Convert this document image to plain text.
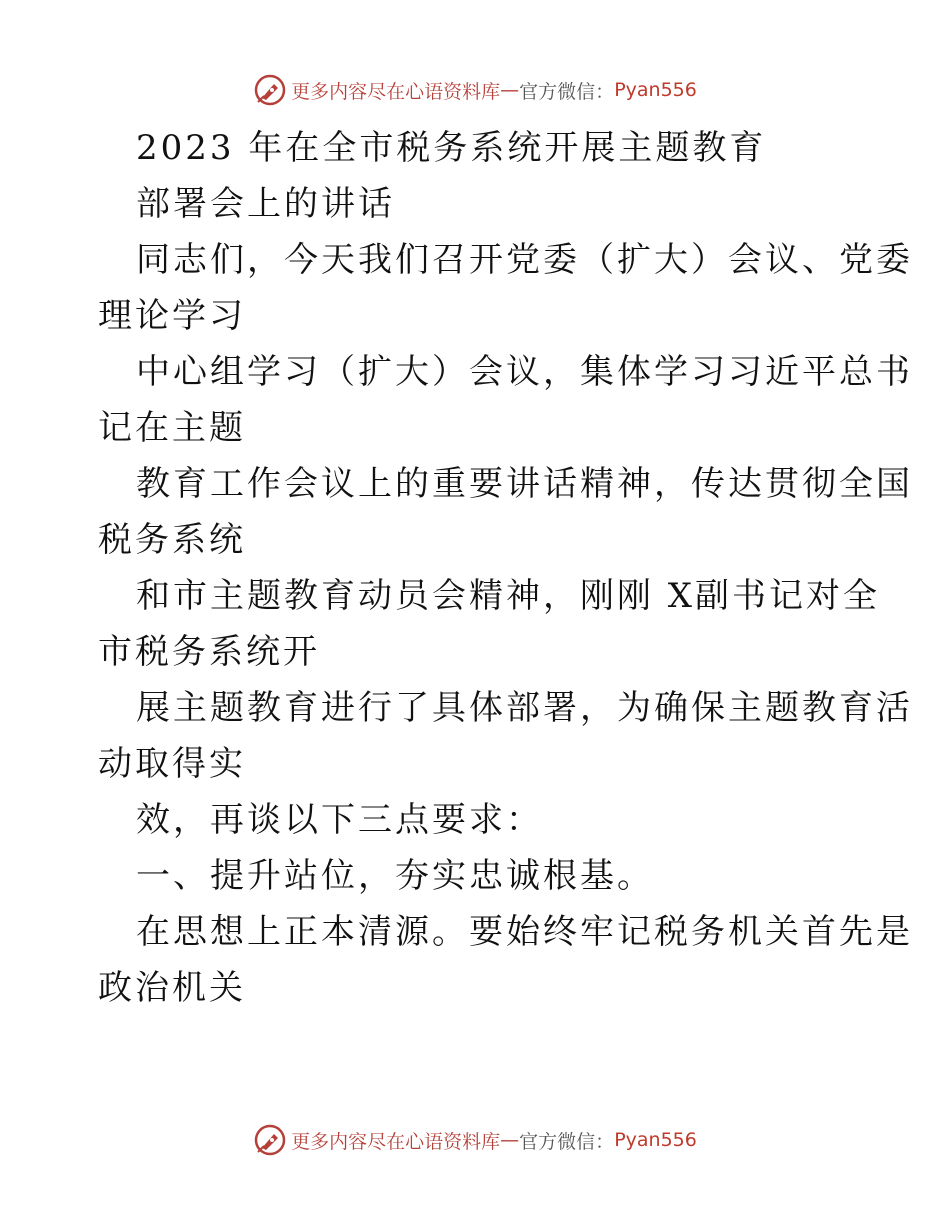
更多内容尽在心语资料库 — 官方微信： Pyan556

2023 年在全市税务系统开展主题教育

部署会上的讲话

同志们，今天我们召开党委（扩大）会议、党委
理论学习

中心组学习（扩大）会议，集体学习习近平总书
记在主题

教育工作会议上的重要讲话精神，传达贯彻全国
税务系统

和市主题教育动员会精神，刚刚 X副书记对全
市税务系统开

展主题教育进行了具体部署，为确保主题教育活
动取得实

效，再谈以下三点要求：

一、提升站位，夯实忠诚根基。

在思想上正本清源。要始终牢记税务机关首先是
政治机关

更多内容尽在心语资料库 — 官方微信： Pyan556
